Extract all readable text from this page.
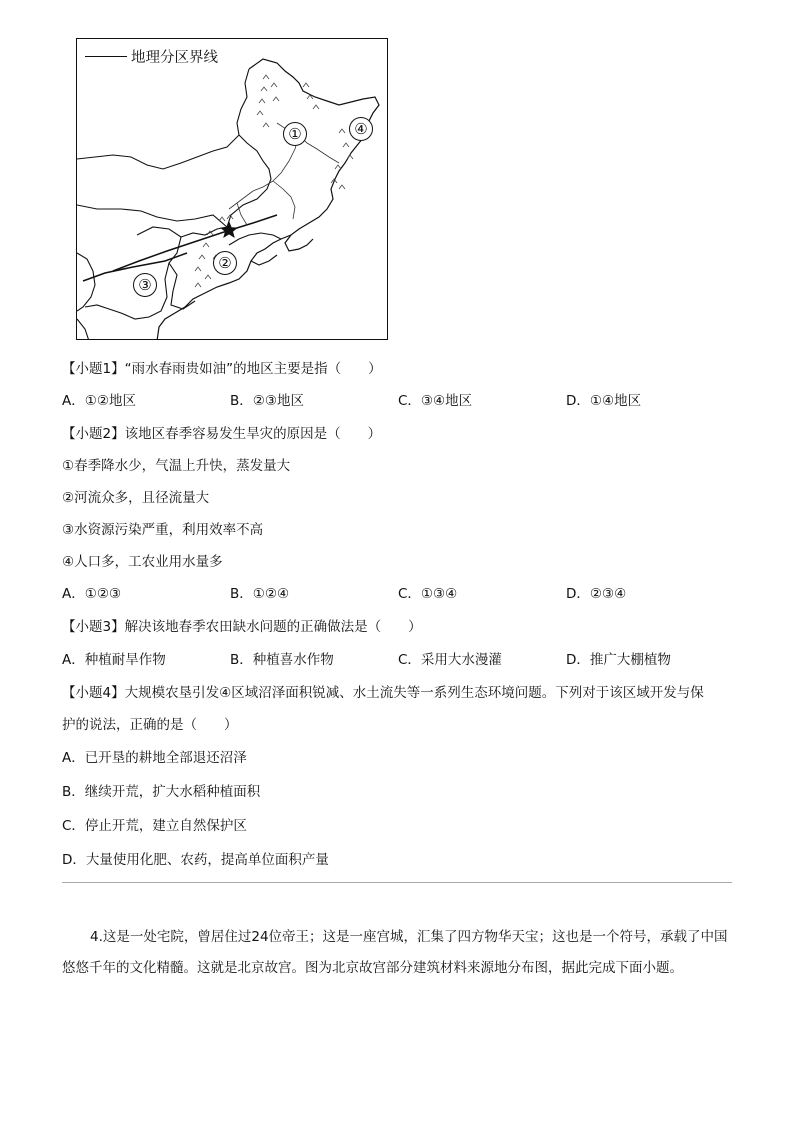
地理分区界线
①
②
③
④
【小题1】“雨水春雨贵如油”的地区主要是指（　　）
A．①②地区	B．②③地区	C．③④地区	D．①④地区
【小题2】该地区春季容易发生旱灾的原因是（　　）
①春季降水少，气温上升快，蒸发量大
②河流众多，且径流量大
③水资源污染严重，利用效率不高
④人口多，工农业用水量多
A．①②③	B．①②④	C．①③④	D．②③④
【小题3】解决该地春季农田缺水问题的正确做法是（　　）
A．种植耐旱作物	B．种植喜水作物	C．采用大水漫灌	D．推广大棚植物
【小题4】大规模农垦引发④区域沼泽面积锐减、水土流失等一系列生态环境问题。下列对于该区域开发与保
护的说法，正确的是（　　）
A．已开垦的耕地全部退还沼泽
B．继续开荒，扩大水稻种植面积
C．停止开荒，建立自然保护区
D．大量使用化肥、农药，提高单位面积产量
4.这是一处宅院，曾居住过24位帝王；这是一座宫城，汇集了四方物华天宝；这也是一个符号，承载了中国悠悠千年的文化精髓。这就是北京故宫。图为北京故宫部分建筑材料来源地分布图，据此完成下面小题。
